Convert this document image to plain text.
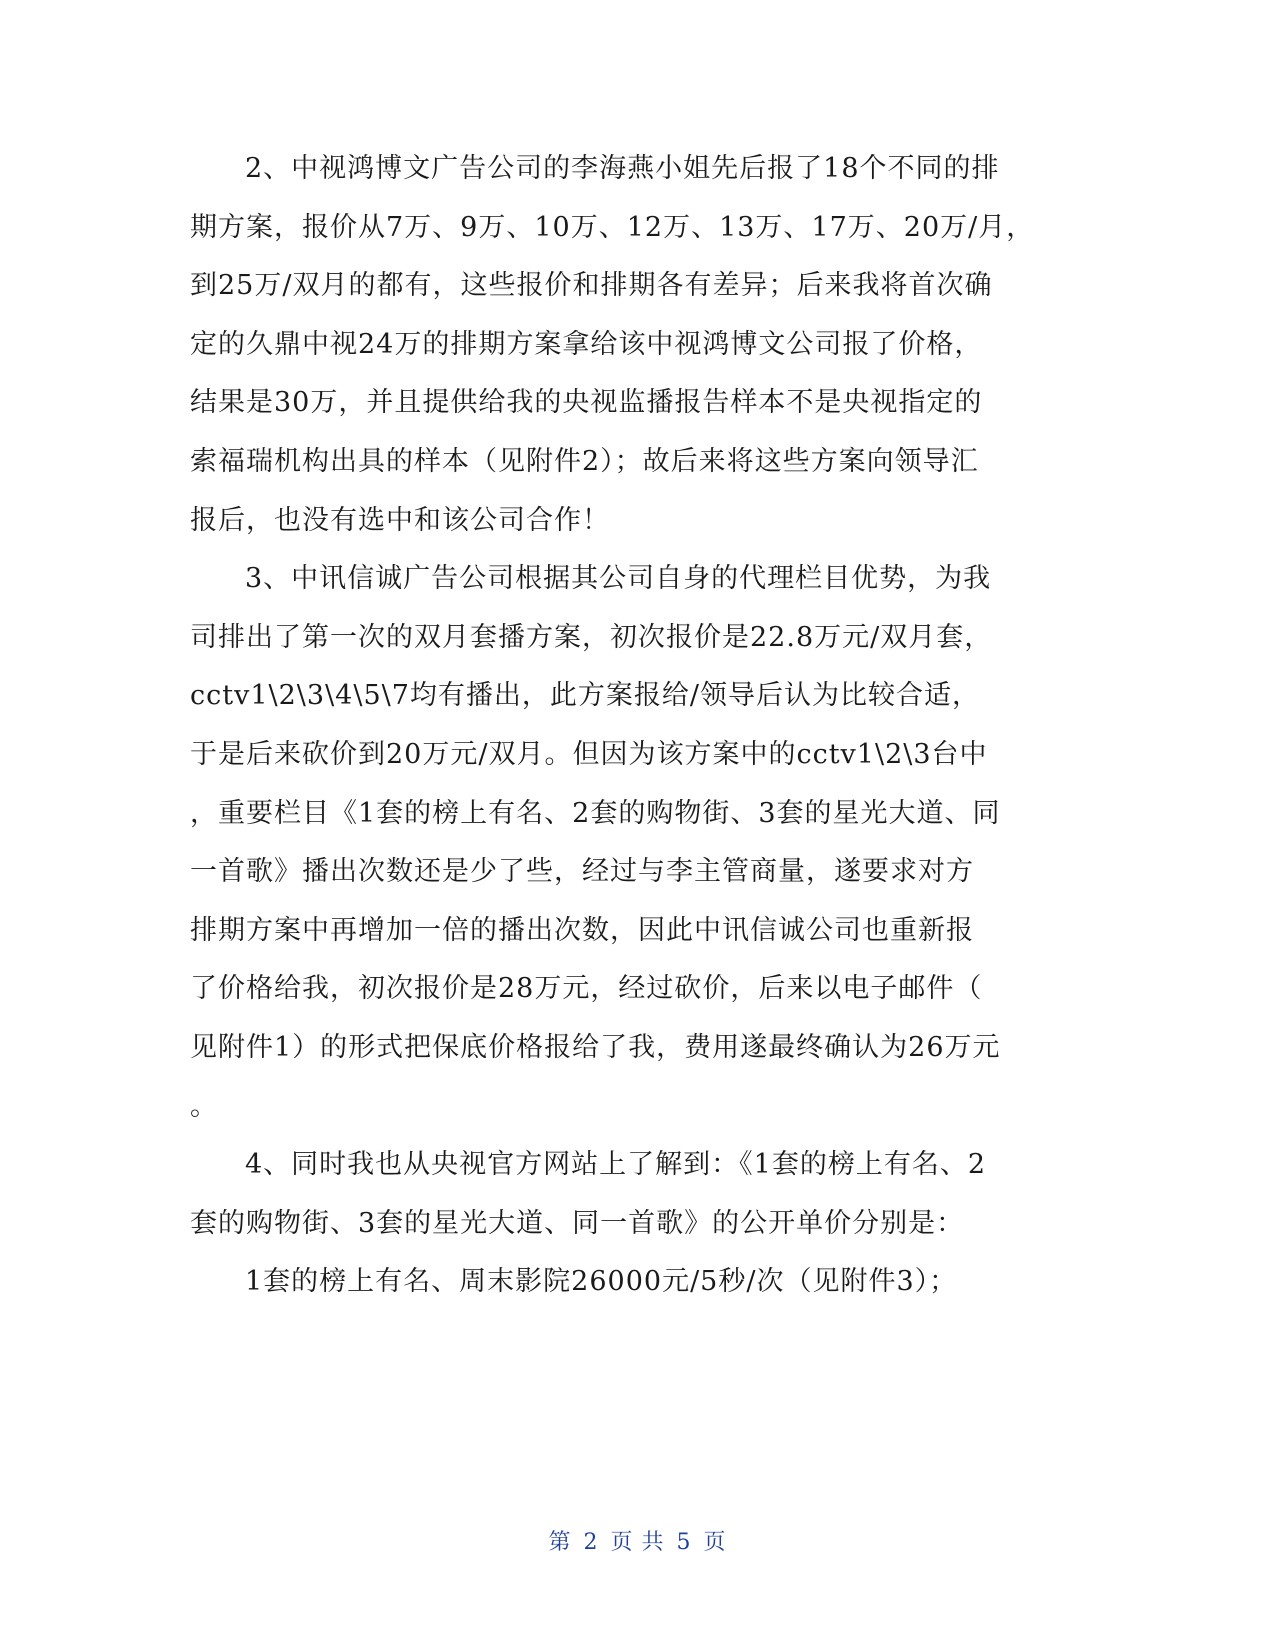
2、中视鸿博文广告公司的李海燕小姐先后报了18个不同的排
期方案，报价从7万、9万、10万、12万、13万、17万、20万/月，
到25万/双月的都有，这些报价和排期各有差异；后来我将首次确
定的久鼎中视24万的排期方案拿给该中视鸿博文公司报了价格，
结果是30万，并且提供给我的央视监播报告样本不是央视指定的
索福瑞机构出具的样本（见附件2）；故后来将这些方案向领导汇
报后，也没有选中和该公司合作！

3、中讯信诚广告公司根据其公司自身的代理栏目优势，为我
司排出了第一次的双月套播方案，初次报价是22.8万元/双月套，
cctv1\2\3\4\5\7均有播出，此方案报给/领导后认为比较合适，
于是后来砍价到20万元/双月。但因为该方案中的cctv1\2\3台中
，重要栏目《1套的榜上有名、2套的购物街、3套的星光大道、同
一首歌》播出次数还是少了些，经过与李主管商量，遂要求对方
排期方案中再增加一倍的播出次数，因此中讯信诚公司也重新报
了价格给我，初次报价是28万元，经过砍价，后来以电子邮件（
见附件1）的形式把保底价格报给了我，费用遂最终确认为26万元
。

4、同时我也从央视官方网站上了解到：《1套的榜上有名、2
套的购物街、3套的星光大道、同一首歌》的公开单价分别是：

1套的榜上有名、周末影院26000元/5秒/次（见附件3）；

第 2 页 共 5 页
